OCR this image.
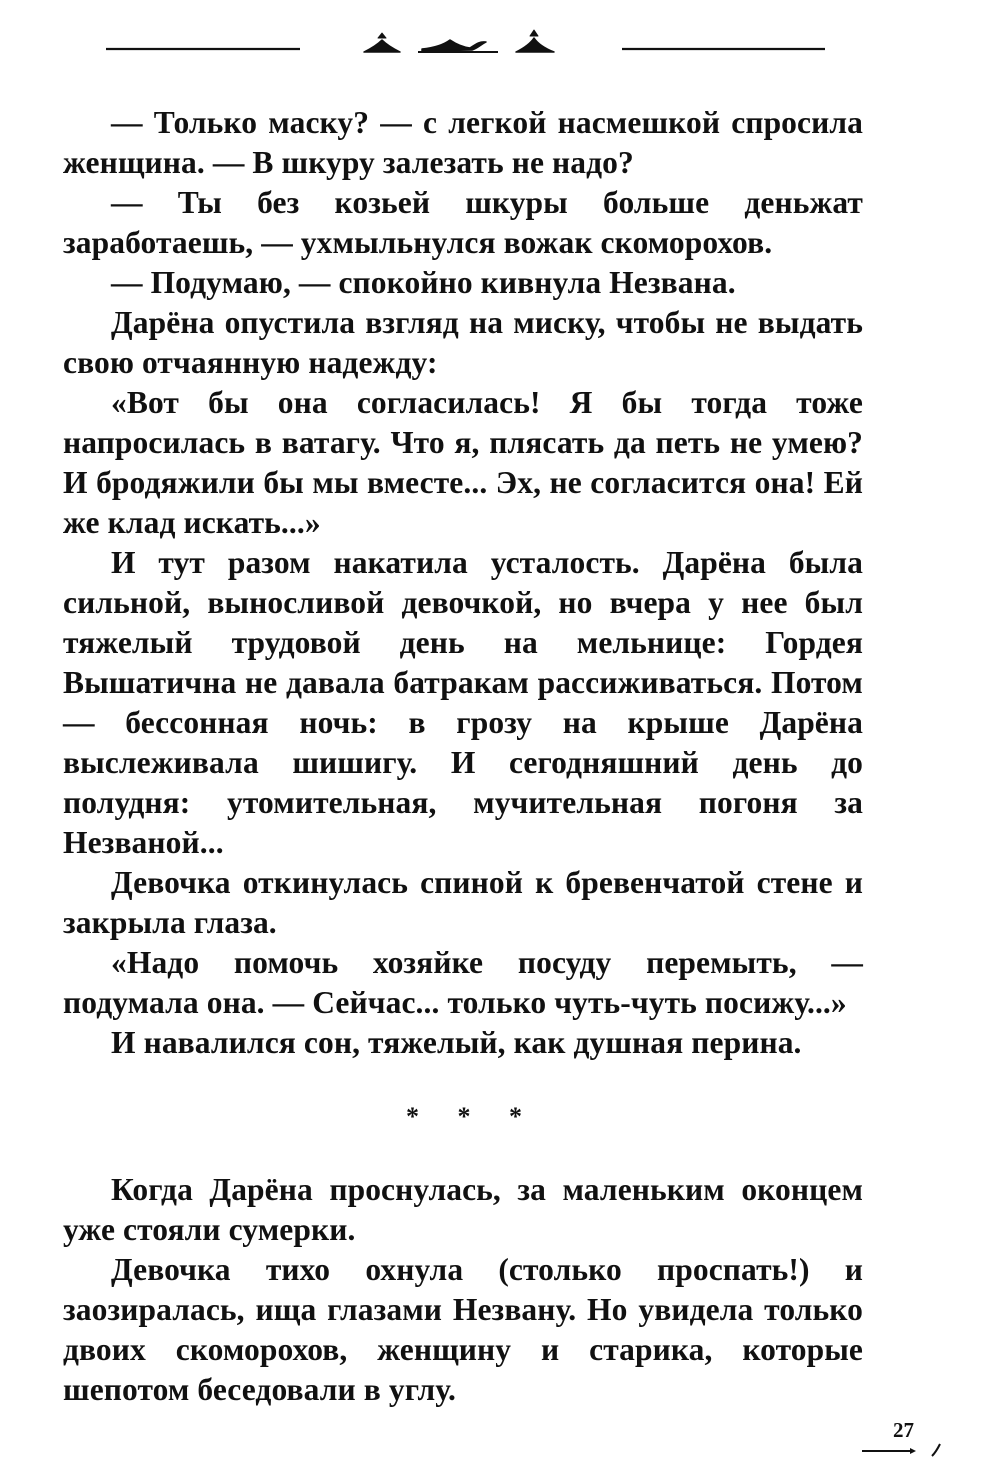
— Только маску? — с легкой насмешкой спросила женщина. — В шкуру залезать не надо?

— Ты без козьей шкуры больше деньжат заработаешь, — ухмыльнулся вожак скоморохов.

— Подумаю, — спокойно кивнула Незвана.

Дарёна опустила взгляд на миску, чтобы не выдать свою отчаянную надежду:

«Вот бы она согласилась! Я бы тогда тоже напросилась в ватагу. Что я, плясать да петь не умею? И бродяжили бы мы вместе... Эх, не согласится она! Ей же клад искать...»

И тут разом накатила усталость. Дарёна была сильной, выносливой девочкой, но вчера у нее был тяжелый трудовой день на мельнице: Гордея Вышатична не давала батракам рассиживаться. Потом — бессонная ночь: в грозу на крыше Дарёна выслеживала шишигу. И сегодняшний день до полудня: утомительная, мучительная погоня за Незваной...

Девочка откинулась спиной к бревенчатой стене и закрыла глаза.

«Надо помочь хозяйке посуду перемыть, — подумала она. — Сейчас... только чуть-чуть посижу...»

И навалился сон, тяжелый, как душная перина.

* * *

Когда Дарёна проснулась, за маленьким оконцем уже стояли сумерки.

Девочка тихо охнула (столько проспать!) и заозиралась, ища глазами Незвану. Но увидела только двоих скоморохов, женщину и старика, которые шепотом беседовали в углу.

27
